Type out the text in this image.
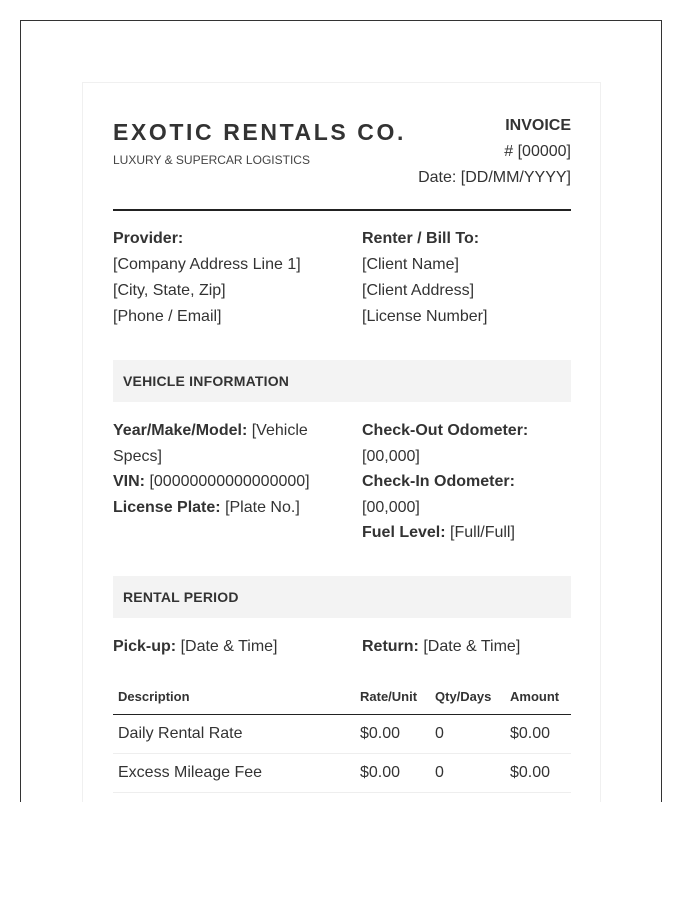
EXOTIC RENTALS CO.
LUXURY & SUPERCAR LOGISTICS
INVOICE
# [00000]
Date: [DD/MM/YYYY]
Provider:
[Company Address Line 1]
[City, State, Zip]
[Phone / Email]
Renter / Bill To:
[Client Name]
[Client Address]
[License Number]
VEHICLE INFORMATION
Year/Make/Model: [Vehicle Specs]
VIN: [00000000000000000]
License Plate: [Plate No.]
Check-Out Odometer:
[00,000]
Check-In Odometer:
[00,000]
Fuel Level: [Full/Full]
RENTAL PERIOD
Pick-up: [Date & Time]	Return: [Date & Time]
Description	Rate/Unit Qty/Days Amount
Daily Rental Rate	$0.00 0	$0.00
Excess Mileage Fee	$0.00 0	$0.00
